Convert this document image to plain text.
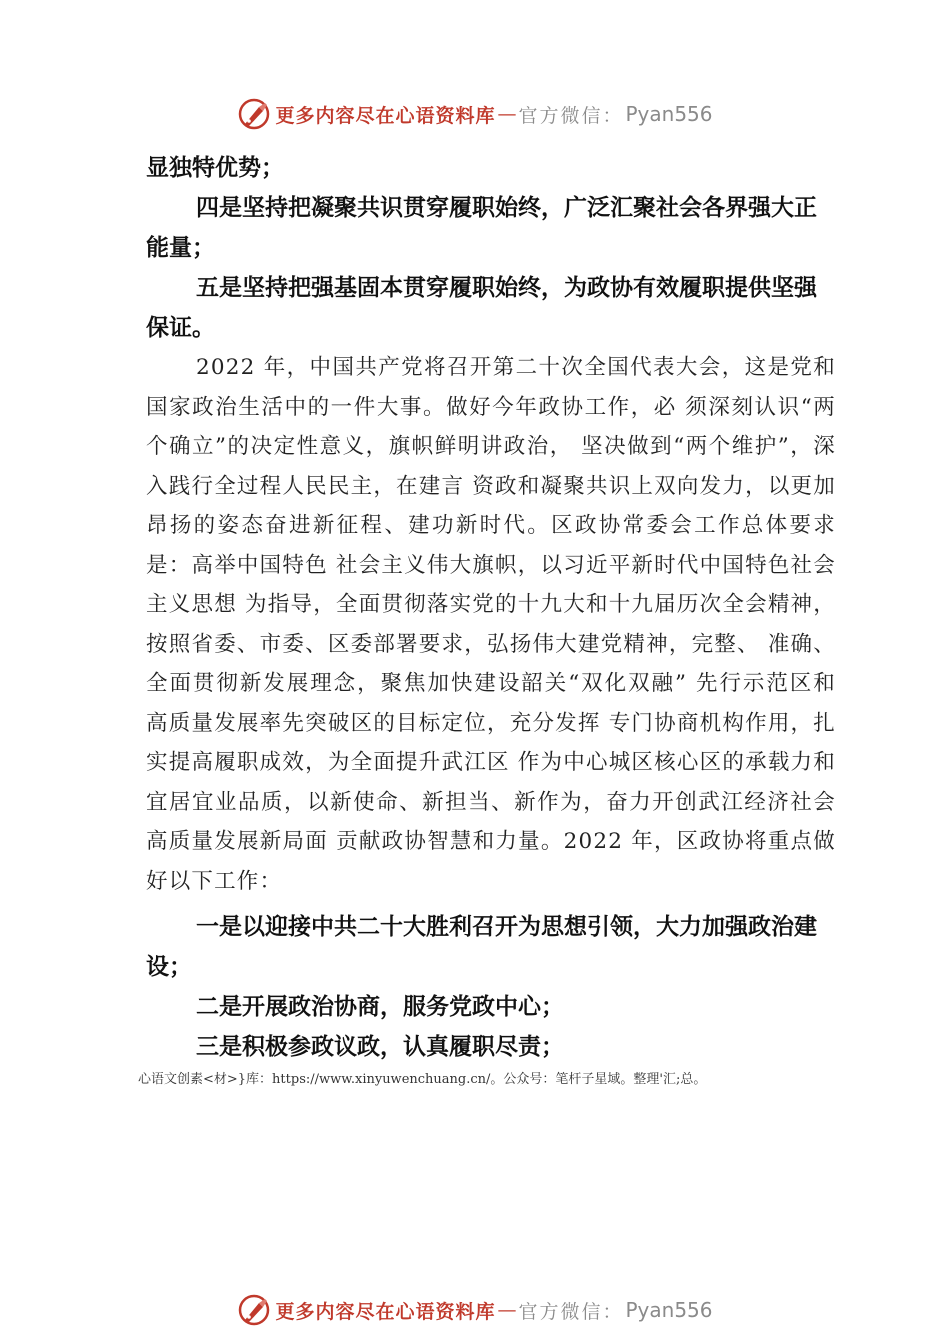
更多内容尽在心语资料库 — 官方微信： Pyan556

显独特优势；

四是坚持把凝聚共识贯穿履职始终，广泛汇聚社会各界强大正能量；

五是坚持把强基固本贯穿履职始终，为政协有效履职提供坚强保证。

2022 年，中国共产党将召开第二十次全国代表大会，这是党和国家政治生活中的一件大事。做好今年政协工作，必 须深刻认识“两个确立”的决定性意义，旗帜鲜明讲政治， 坚决做到“两个维护”，深入践行全过程人民民主，在建言 资政和凝聚共识上双向发力，以更加昂扬的姿态奋进新征程、建功新时代。区政协常委会工作总体要求是：高举中国特色 社会主义伟大旗帜，以习近平新时代中国特色社会主义思想 为指导，全面贯彻落实党的十九大和十九届历次全会精神， 按照省委、市委、区委部署要求，弘扬伟大建党精神，完整、 准确、全面贯彻新发展理念，聚焦加快建设韶关“双化双融” 先行示范区和高质量发展率先突破区的目标定位，充分发挥 专门协商机构作用，扎实提高履职成效，为全面提升武江区 作为中心城区核心区的承载力和宜居宜业品质，以新使命、新担当、新作为，奋力开创武江经济社会高质量发展新局面 贡献政协智慧和力量。2022 年，区政协将重点做好以下工作：

一是以迎接中共二十大胜利召开为思想引领，大力加强政治建设；

二是开展政治协商，服务党政中心；

三是积极参政议政，认真履职尽责；

心语文创素<材>}库：https://www.xinyuwenchuang.cn/。公众号：笔杆子星域。整理'汇;总。

更多内容尽在心语资料库 — 官方微信： Pyan556
